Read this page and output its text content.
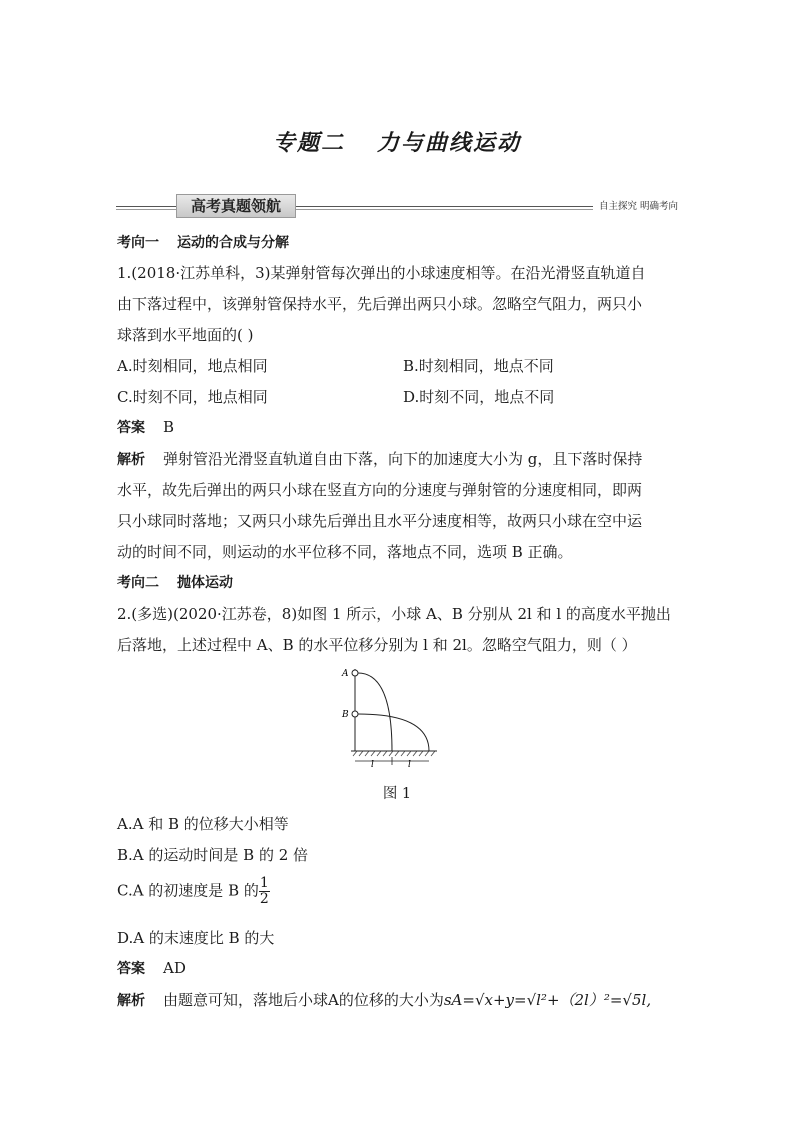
专题二 力与曲线运动
高考真题领航	自主探究 明确考向
考向一 运动的合成与分解
1.(2018·江苏单科，3)某弹射管每次弹出的小球速度相等。在沿光滑竖直轨道自
由下落过程中，该弹射管保持水平，先后弹出两只小球。忽略空气阻力，两只小
球落到水平地面的( )
A.时刻相同，地点相同	B.时刻相同，地点不同
C.时刻不同，地点相同	D.时刻不同，地点不同
答案 B
解析 弹射管沿光滑竖直轨道自由下落，向下的加速度大小为 g，且下落时保持
水平，故先后弹出的两只小球在竖直方向的分速度与弹射管的分速度相同，即两
只小球同时落地；又两只小球先后弹出且水平分速度相等，故两只小球在空中运
动的时间不同，则运动的水平位移不同，落地点不同，选项 B 正确。
考向二 抛体运动
2.(多选)(2020·江苏卷，8)如图 1 所示，小球 A、B 分别从 2l 和 l 的高度水平抛出
后落地，上述过程中 A、B 的水平位移分别为 l 和 2l。忽略空气阻力，则（ ）
A
B
l	l
图 1
A.A 和 B 的位移大小相等
B.A 的运动时间是 B 的 2 倍
C.A 的初速度是 B 的 $\frac{1}{2}$
D.A 的末速度比 B 的大
答案 AD
解析 由题意可知，落地后小球A的位移的大小为sA=√x+y=√l²+（2l）²=√5l,
